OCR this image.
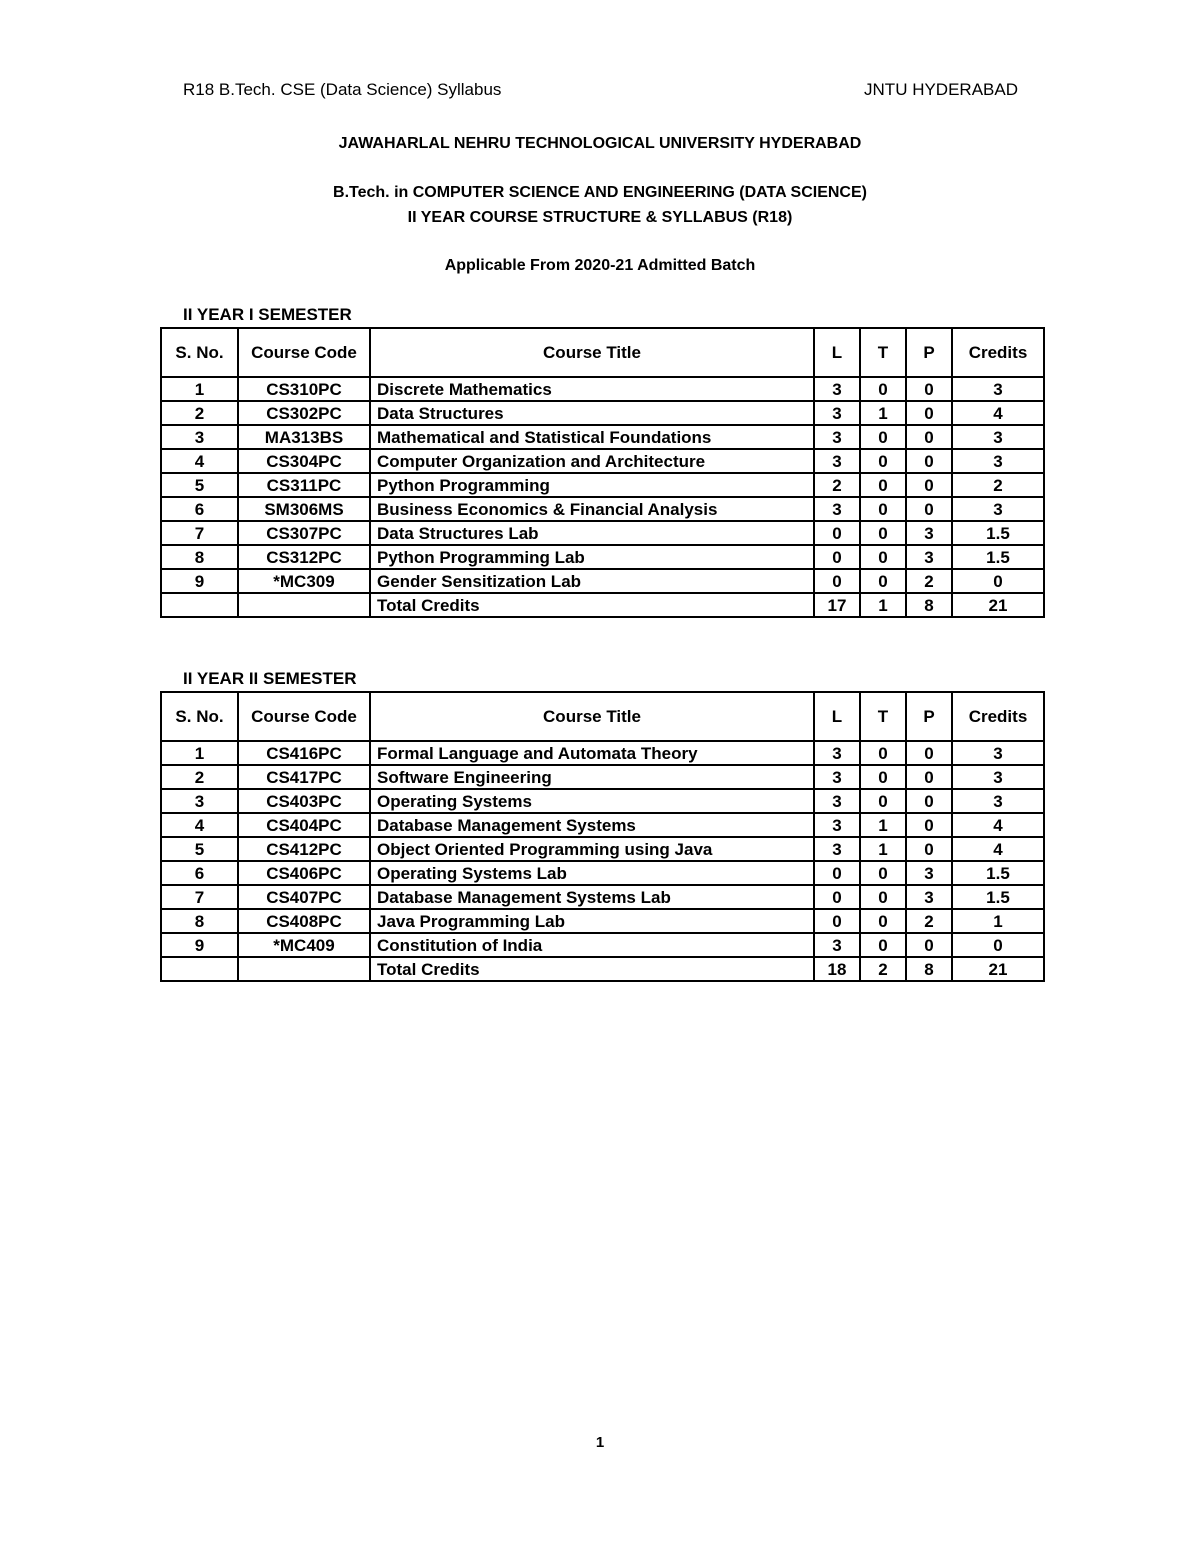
R18 B.Tech. CSE (Data Science) Syllabus	JNTU HYDERABAD
JAWAHARLAL NEHRU TECHNOLOGICAL UNIVERSITY HYDERABAD
B.Tech. in COMPUTER SCIENCE AND ENGINEERING (DATA SCIENCE)
II YEAR COURSE STRUCTURE & SYLLABUS (R18)
Applicable From 2020-21 Admitted Batch
II YEAR I SEMESTER
S. No.	Course Code	Course Title	L	T	P	Credits
1	CS310PC	Discrete Mathematics	3	0	0	3
2	CS302PC	Data Structures	3	1	0	4
3	MA313BS	Mathematical and Statistical Foundations	3	0	0	3
4	CS304PC	Computer Organization and Architecture	3	0	0	3
5	CS311PC	Python Programming	2	0	0	2
6	SM306MS	Business Economics & Financial Analysis	3	0	0	3
7	CS307PC	Data Structures Lab	0	0	3	1.5
8	CS312PC	Python Programming Lab	0	0	3	1.5
9	*MC309	Gender Sensitization Lab	0	0	2	0
		Total Credits	17	1	8	21
II YEAR II SEMESTER
S. No.	Course Code	Course Title	L	T	P	Credits
1	CS416PC	Formal Language and Automata Theory	3	0	0	3
2	CS417PC	Software Engineering	3	0	0	3
3	CS403PC	Operating Systems	3	0	0	3
4	CS404PC	Database Management Systems	3	1	0	4
5	CS412PC	Object Oriented Programming using Java	3	1	0	4
6	CS406PC	Operating Systems Lab	0	0	3	1.5
7	CS407PC	Database Management Systems Lab	0	0	3	1.5
8	CS408PC	Java Programming Lab	0	0	2	1
9	*MC409	Constitution of India	3	0	0	0
		Total Credits	18	2	8	21
1
